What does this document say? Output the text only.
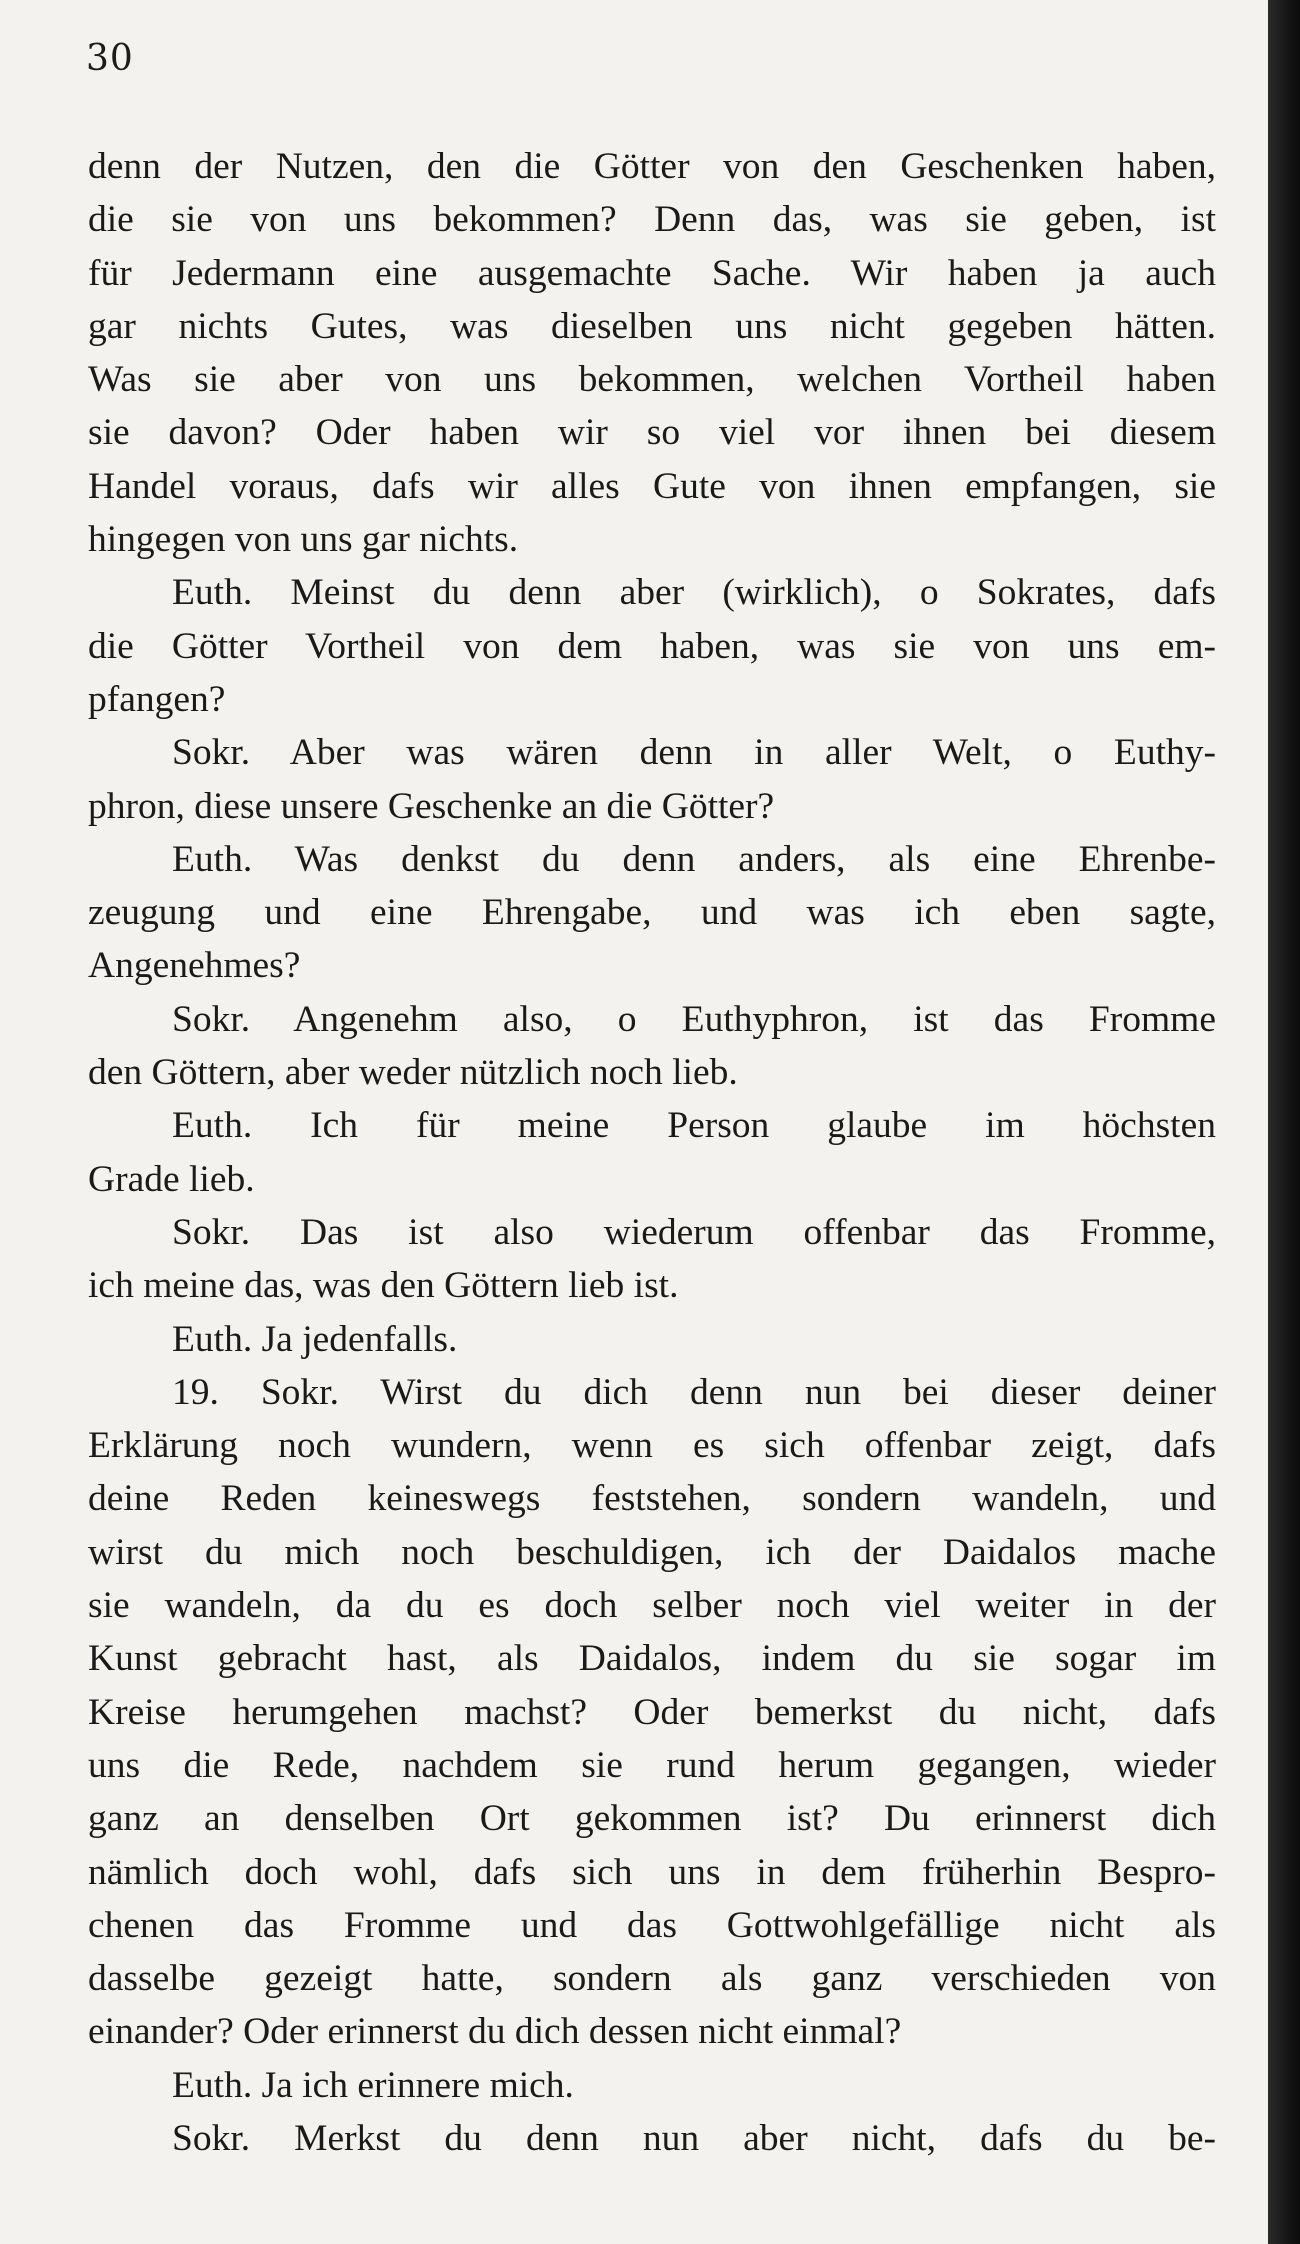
30
denn der Nutzen, den die Götter von den Geschenken haben,
die sie von uns bekommen? Denn das, was sie geben, ist
für Jedermann eine ausgemachte Sache. Wir haben ja auch
gar nichts Gutes, was dieselben uns nicht gegeben hätten.
Was sie aber von uns bekommen, welchen Vortheil haben
sie davon? Oder haben wir so viel vor ihnen bei diesem
Handel voraus, dafs wir alles Gute von ihnen empfangen, sie
hingegen von uns gar nichts.
Euth. Meinst du denn aber (wirklich), o Sokrates, dafs
die Götter Vortheil von dem haben, was sie von uns em-
pfangen?
Sokr. Aber was wären denn in aller Welt, o Euthy-
phron, diese unsere Geschenke an die Götter?
Euth. Was denkst du denn anders, als eine Ehrenbe-
zeugung und eine Ehrengabe, und was ich eben sagte,
Angenehmes?
Sokr. Angenehm also, o Euthyphron, ist das Fromme
den Göttern, aber weder nützlich noch lieb.
Euth. Ich für meine Person glaube im höchsten
Grade lieb.
Sokr. Das ist also wiederum offenbar das Fromme,
ich meine das, was den Göttern lieb ist.
Euth. Ja jedenfalls.
19. Sokr. Wirst du dich denn nun bei dieser deiner
Erklärung noch wundern, wenn es sich offenbar zeigt, dafs
deine Reden keineswegs feststehen, sondern wandeln, und
wirst du mich noch beschuldigen, ich der Daidalos mache
sie wandeln, da du es doch selber noch viel weiter in der
Kunst gebracht hast, als Daidalos, indem du sie sogar im
Kreise herumgehen machst? Oder bemerkst du nicht, dafs
uns die Rede, nachdem sie rund herum gegangen, wieder
ganz an denselben Ort gekommen ist? Du erinnerst dich
nämlich doch wohl, dafs sich uns in dem früherhin Bespro-
chenen das Fromme und das Gottwohlgefällige nicht als
dasselbe gezeigt hatte, sondern als ganz verschieden von
einander? Oder erinnerst du dich dessen nicht einmal?
Euth. Ja ich erinnere mich.
Sokr. Merkst du denn nun aber nicht, dafs du be-
